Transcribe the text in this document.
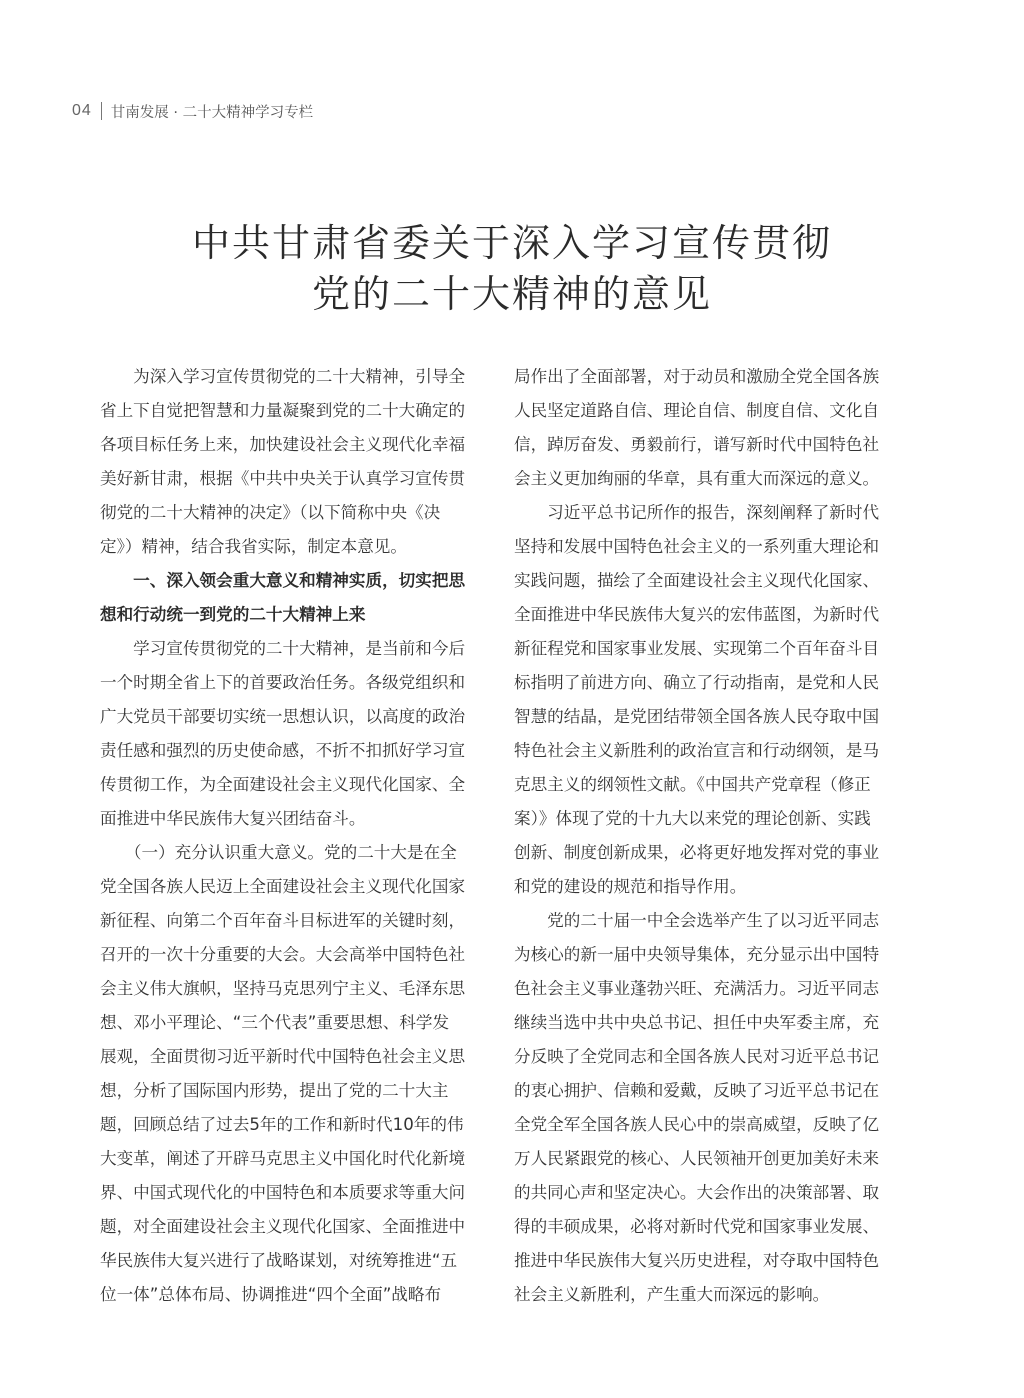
04 甘南发展 · 二十大精神学习专栏
中共甘肃省委关于深入学习宣传贯彻
党的二十大精神的意见

　　为深入学习宣传贯彻党的二十大精神，引导全

省上下自觉把智慧和力量凝聚到党的二十大确定的

各项目标任务上来，加快建设社会主义现代化幸福

美好新甘肃，根据《中共中央关于认真学习宣传贯

彻党的二十大精神的决定》（以下简称中央《决

定》）精神，结合我省实际，制定本意见。

　　一、深入领会重大意义和精神实质，切实把思

想和行动统一到党的二十大精神上来

　　学习宣传贯彻党的二十大精神，是当前和今后

一个时期全省上下的首要政治任务。各级党组织和

广大党员干部要切实统一思想认识，以高度的政治

责任感和强烈的历史使命感，不折不扣抓好学习宣

传贯彻工作，为全面建设社会主义现代化国家、全

面推进中华民族伟大复兴团结奋斗。

　　（一）充分认识重大意义。党的二十大是在全

党全国各族人民迈上全面建设社会主义现代化国家

新征程、向第二个百年奋斗目标进军的关键时刻，

召开的一次十分重要的大会。大会高举中国特色社

会主义伟大旗帜，坚持马克思列宁主义、毛泽东思

想、邓小平理论、“三个代表”重要思想、科学发

展观，全面贯彻习近平新时代中国特色社会主义思

想，分析了国际国内形势，提出了党的二十大主

题，回顾总结了过去5年的工作和新时代10年的伟

大变革，阐述了开辟马克思主义中国化时代化新境

界、中国式现代化的中国特色和本质要求等重大问

题，对全面建设社会主义现代化国家、全面推进中

华民族伟大复兴进行了战略谋划，对统筹推进“五

位一体”总体布局、协调推进“四个全面”战略布

局作出了全面部署，对于动员和激励全党全国各族

人民坚定道路自信、理论自信、制度自信、文化自

信，踔厉奋发、勇毅前行，谱写新时代中国特色社

会主义更加绚丽的华章，具有重大而深远的意义。

　　习近平总书记所作的报告，深刻阐释了新时代

坚持和发展中国特色社会主义的一系列重大理论和

实践问题，描绘了全面建设社会主义现代化国家、

全面推进中华民族伟大复兴的宏伟蓝图，为新时代

新征程党和国家事业发展、实现第二个百年奋斗目

标指明了前进方向、确立了行动指南，是党和人民

智慧的结晶，是党团结带领全国各族人民夺取中国

特色社会主义新胜利的政治宣言和行动纲领，是马

克思主义的纲领性文献。《中国共产党章程（修正

案）》体现了党的十九大以来党的理论创新、实践

创新、制度创新成果，必将更好地发挥对党的事业

和党的建设的规范和指导作用。

　　党的二十届一中全会选举产生了以习近平同志

为核心的新一届中央领导集体，充分显示出中国特

色社会主义事业蓬勃兴旺、充满活力。习近平同志

继续当选中共中央总书记、担任中央军委主席，充

分反映了全党同志和全国各族人民对习近平总书记

的衷心拥护、信赖和爱戴，反映了习近平总书记在

全党全军全国各族人民心中的崇高威望，反映了亿

万人民紧跟党的核心、人民领袖开创更加美好未来

的共同心声和坚定决心。大会作出的决策部署、取

得的丰硕成果，必将对新时代党和国家事业发展、

推进中华民族伟大复兴历史进程，对夺取中国特色

社会主义新胜利，产生重大而深远的影响。
